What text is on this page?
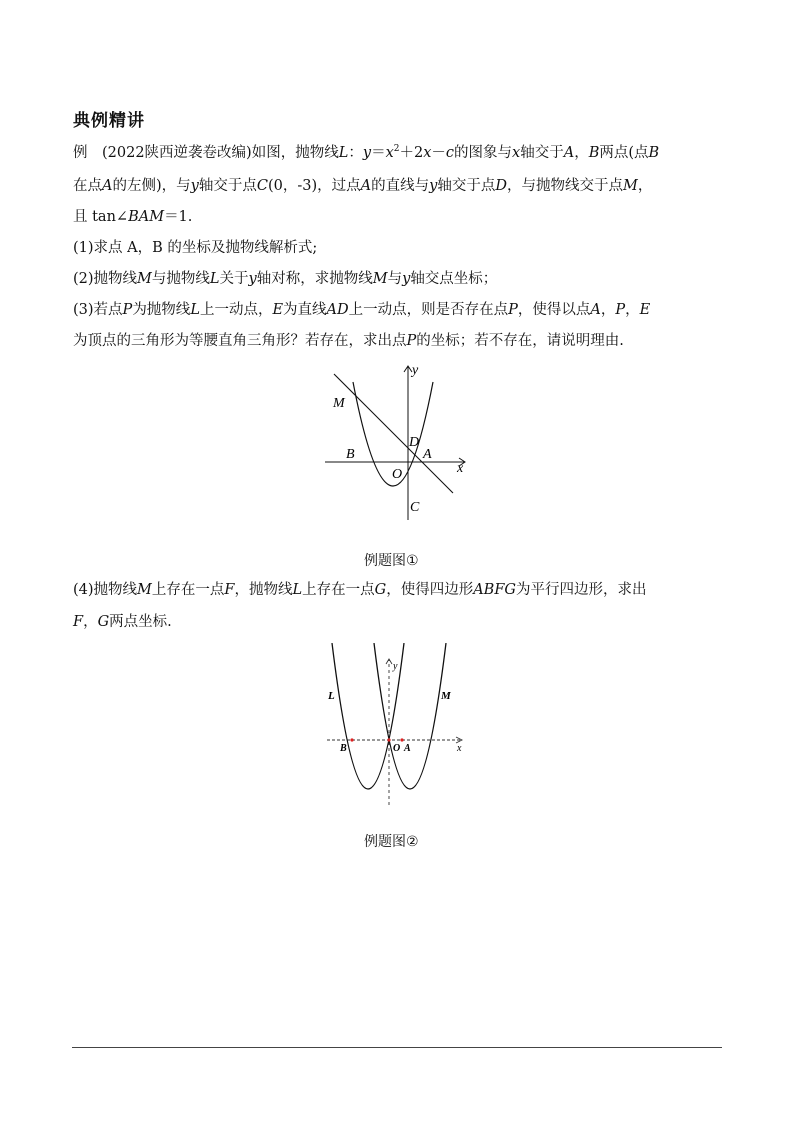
典例精讲
例  (2022陕西逆袭卷改编)如图，抛物线L：$y=x^2+2x-c$的图象与x轴交于A，B两点(点B
在点A的左侧)，与y轴交于点C(0，-3)，过点A的直线与y轴交于点D，与抛物线交于点M，
且 tan∠BAM＝1.
(1)求点 A，B 的坐标及抛物线解析式;
(2)抛物线M与抛物线L关于y轴对称，求抛物线M与y轴交点坐标；
(3)若点P为抛物线L上一动点，E为直线AD上一动点，则是否存在点P，使得以点A，P，E
为顶点的三角形为等腰直角三角形？若存在，求出点P的坐标；若不存在，请说明理由.
y
x
M
B
D
A
O
C
例题图①
(4)抛物线M上存在一点F，抛物线L上存在一点G，使得四边形ABFG为平行四边形，求出
F，G两点坐标.
y
x
L	M
B	O A
例题图②
